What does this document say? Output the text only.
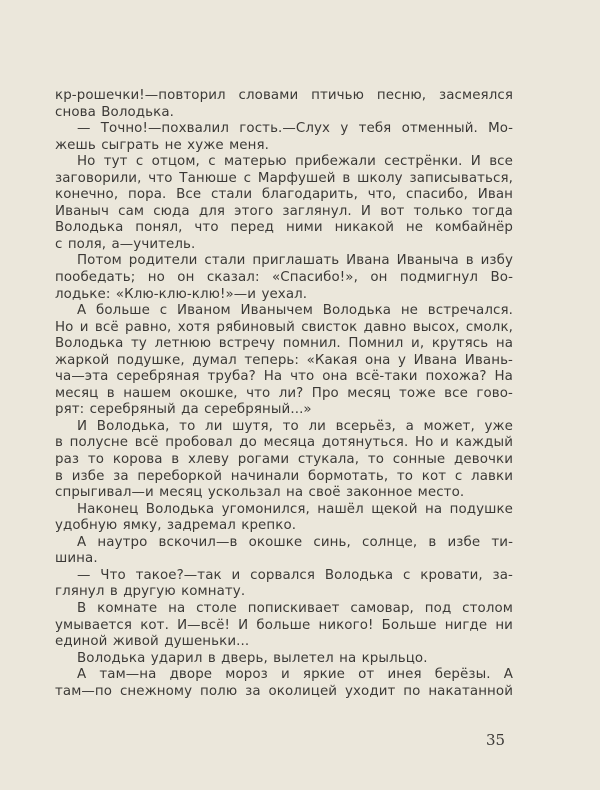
кр-рошечки!—повторил словами птичью песню, засмеялся
снова Володька.
— Точно!—похвалил гость.—Слух у тебя отменный. Мо-
жешь сыграть не хуже меня.
Но тут с отцом, с матерью прибежали сестрёнки. И все
заговорили, что Танюше с Марфушей в школу записываться,
конечно, пора. Все стали благодарить, что, спасибо, Иван
Иваныч сам сюда для этого заглянул. И вот только тогда
Володька понял, что перед ними никакой не комбайнёр
с поля, а—учитель.
Потом родители стали приглашать Ивана Иваныча в избу
пообедать; но он сказал: «Спасибо!», он подмигнул Во-
лодьке: «Клю-клю-клю!»—и уехал.
А больше с Иваном Иванычем Володька не встречался.
Но и всё равно, хотя рябиновый свисток давно высох, смолк,
Володька ту летнюю встречу помнил. Помнил и, крутясь на
жаркой подушке, думал теперь: «Какая она у Ивана Ивань-
ча—эта серебряная труба? На что она всё-таки похожа? На
месяц в нашем окошке, что ли? Про месяц тоже все гово-
рят: серебряный да серебряный...»
И Володька, то ли шутя, то ли всерьёз, а может, уже
в полусне всё пробовал до месяца дотянуться. Но и каждый
раз то корова в хлеву рогами стукала, то сонные девочки
в избе за переборкой начинали бормотать, то кот с лавки
спрыгивал—и месяц ускользал на своё законное место.
Наконец Володька угомонился, нашёл щекой на подушке
удобную ямку, задремал крепко.
А наутро вскочил—в окошке синь, солнце, в избе ти-
шина.
— Что такое?—так и сорвался Володька с кровати, за-
глянул в другую комнату.
В комнате на столе попискивает самовар, под столом
умывается кот. И—всё! И больше никого! Больше нигде ни
единой живой душеньки...
Володька ударил в дверь, вылетел на крыльцо.
А там—на дворе мороз и яркие от инея берёзы. А
там—по снежному полю за околицей уходит по накатанной
35
